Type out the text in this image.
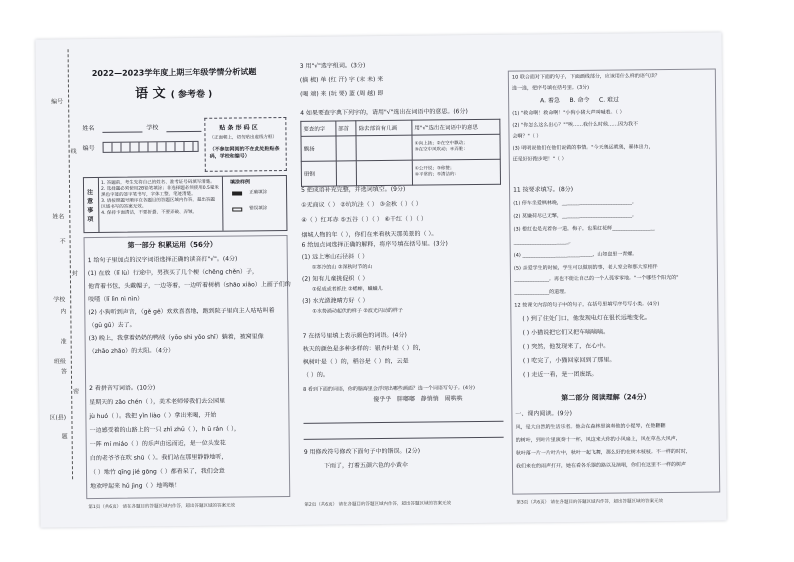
编号
姓名
学校
班级
区(县)
线
封
密
内
不
准
答
题
2022—2023学年度上期三年级学情分析试题
语 文 ( 参考卷 )
姓名	学校
编号
贴 条 形 码 区
（正面朝上，切勿贴出虚线方框）
（不参加网阅的不在此处粘贴条码，学校和编号）
注意事项
1. 答题前，考生先将自己的姓名、准考证号码填写清楚。
2. 选择题必须使用2B铅笔填涂；非选择题必须使用0.5毫米黑色字迹的签字笔书写，字体工整、笔迹清楚。
3. 请按照题号顺序在各题目的答题区域内作答，超出答题区域书写的答案无效。
4. 保持卡面清洁，不要折叠、不要弄破、弄皱。
填涂样例
正确填涂
错误填涂
第一部分 积累运用（56分）
1 给句子里加点的汉字词语选择正确的读音打"√"。(4分)
(1) 在放（lǐ lù）行途中，男孩买了几个梗（chěng chěn）子，
他背着书包，头戴帽子，一边等着，一边听着树梢（shāo xiāo）上画子们的
吱喳（lǐ lìn nì nìn）
(2) 小狗听到声音，（gě gē）欢欢喜喜地，跑到院子里向主人咕咕叫着
（gū gǔ）去了。
(3) 晚上，我拿着奶奶的鸭绒（yōo shì yōo shī）躺着，被窝里像
（zhāo zhāo）的太阳。（4分）
2 看拼音写词语。(10分)
星期天的 zāo chén（ ），美术老师带我们去公园里
jù huó（ ）。我把 yǐn liào（ ）拿出来喝，开始
一边感受着的山路上的一只 zhī zhū（ ），h ū rán（ ），
一阵 mí miáo（ ）的乐声由远而近，是一位头发花
白的老爷爷在吹 shū（ ）。我们站在那里静静地听，
（ ）地竹 qīng jié gōng（ ）都看呆了，我们会意
地欢呼起来 hǔ jìng（ ）地鸣啭！
第1页（共6页） 请在各题目的答题区域内作答，超出答题区域的答案无效
3 用"√"选字组词。(3分)
(摘 梳) 单 (红 汗) 字 (末 未) 来
(喝 端) 来 (玩 要) 蓝 (周 越) 即
4 如果要查字典下列字的，请用"√"选出在词语中的意思。(6分)
要查的字	部首	除去部首有几画	用"√"选出在词语中的意思
飘扬			①向上扬；②在空中飘动；
③在空中风吹动；④弄脏：

册钢			①公开说；③称赞；
④平常的；⑤清洁的：
5 把成语补充完整，并选词填空。(9分)
①无商议（ ） ②坑坑洼（ ） ③金秋（ ）（ ）
④（ ）红耳赤 ⑤五谷（ ）（ ） ⑥千红（ ）（ ）
烟城人物的年（ ），你们在来看秋天那美景的（ ）。
6 给加点词选择正确的解释，将序号填在括号里。(3分)
(1) 远上寒山石径斜（ ）
①寒冷的山 ②深秋时节的山
(2) 知有儿童挑促织（ ）
①促成或者抓住 ②蟋蟀，蛐蛐儿
(3) 水光潋滟晴方好（ ）
①水势涌动起伏的样子 ②波光闪动的样子
7 在括号里填上表示颜色的词语。(4分)
秋天的颜色是多种多样的：银杏叶是（ ）的，
枫树叶是（ ）的，稻谷是（ ）的，云是
（ ）的。
8 看到下面的词语，你的脑海里会浮现出哪些画面？选一个词语写句子。(4分)
傻乎乎 胖嘟嘟 静悄悄 闹哄哄
9 用修改符号修改下面句子中的错误。(2分)
下雨了，打着五颜六色的小黄伞
第2页（共6页） 请在各题目的答题区域内作答，超出答题区域的答案无效
10 联合面对下面的句子，下面画线部分，应该用什么样的语气读？
选一选，把序号填在括号里。(3分)
A. 着急 B. 命令 C. 难过
(1) "救命啊！救命啊！"小狗小猪大声叫喊着。（ ）
(2) "你怎么这么出心？""唉……我什么时候……因为我不
会啊？"（ ）
(3) 明明说他们在他们说做的事情。"今天奥运就奥，暴体出力，
还是好好跑步吧！"（ ）
11 按要求填写。(8分)
(1) 停车坐爱枫林晚，____________________________。
(2) 莫嫌荷尽已无擎，____________________________。
(3) 橙红也是光着你一道，梅子，也果红花鲜_________________
______________________。
(4) ____________________________，山如盘里一青螺。
(5) 亲爱学生的时候，学生可以做别的事，老人家会和那大家相伴
______________。再也不能让自己的一个人孤零零地。"一个哪些个阳光的"
______________的道理。
12 按课文内容的句子中的句子，在括号里填写序号写小类。(4分)
( ) 到了住处门口，他发现电灯在很长远地变化。
( ) 小猫说把它们又把车嘀嘀嘀。
( ) 突然，他发现来了，在心中。
( ) 吃完了，小猫回家回到了那里。
( ) 走近一看，是一团废纸。
第二部分 阅读理解（24分）
一、课内阅读。(9分)
风，是大自然的生活乐者。他会在森林里演奏他的小提琴，在他翻翻
的树叶，到叶片里演奏十一杯，风这来大你的小风扇上，风在草丛大风声，
秋叶落一片一片叶片中，秋叶一起飞舞，那么好的在树木枝枝。不一样的时时，
我们来在的雨声打开，她在看各乐器的路以及演唱，你们在这里不一样的树声
第3页（共6页） 请在各题目的答题区域内作答，超出答题区域的答案无效
